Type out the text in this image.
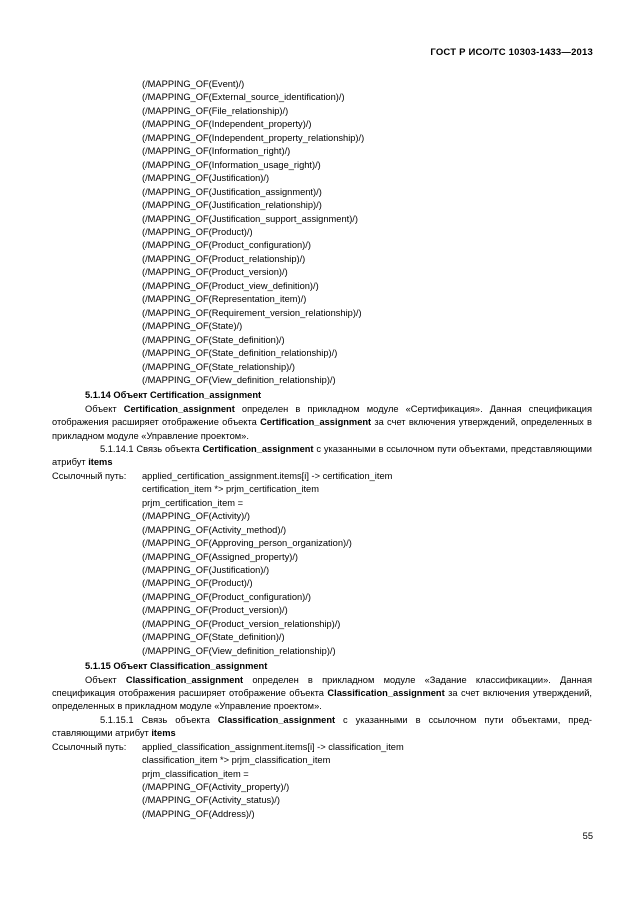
ГОСТ Р ИСО/ТС 10303-1433—2013
(/MAPPING_OF(Event)/)
(/MAPPING_OF(External_source_identification)/)
(/MAPPING_OF(File_relationship)/)
(/MAPPING_OF(Independent_property)/)
(/MAPPING_OF(Independent_property_relationship)/)
(/MAPPING_OF(Information_right)/)
(/MAPPING_OF(Information_usage_right)/)
(/MAPPING_OF(Justification)/)
(/MAPPING_OF(Justification_assignment)/)
(/MAPPING_OF(Justification_relationship)/)
(/MAPPING_OF(Justification_support_assignment)/)
(/MAPPING_OF(Product)/)
(/MAPPING_OF(Product_configuration)/)
(/MAPPING_OF(Product_relationship)/)
(/MAPPING_OF(Product_version)/)
(/MAPPING_OF(Product_view_definition)/)
(/MAPPING_OF(Representation_item)/)
(/MAPPING_OF(Requirement_version_relationship)/)
(/MAPPING_OF(State)/)
(/MAPPING_OF(State_definition)/)
(/MAPPING_OF(State_definition_relationship)/)
(/MAPPING_OF(State_relationship)/)
(/MAPPING_OF(View_definition_relationship)/)
5.1.14 Объект Certification_assignment
Объект Certification_assignment определен в прикладном модуле «Сертификация». Данная спецификация отображения расширяет отображение объекта Certification_assignment за счет включения утверждений, определенных в прикладном модуле «Управление проектом».
5.1.14.1 Связь объекта Certification_assignment с указанными в ссылочном пути объектами, представляющими атрибут items
Ссылочный путь: applied_certification_assignment.items[i] -> certification_item
certification_item *> prjm_certification_item
prjm_certification_item =
(/MAPPING_OF(Activity)/)
(/MAPPING_OF(Activity_method)/)
(/MAPPING_OF(Approving_person_organization)/)
(/MAPPING_OF(Assigned_property)/)
(/MAPPING_OF(Justification)/)
(/MAPPING_OF(Product)/)
(/MAPPING_OF(Product_configuration)/)
(/MAPPING_OF(Product_version)/)
(/MAPPING_OF(Product_version_relationship)/)
(/MAPPING_OF(State_definition)/)
(/MAPPING_OF(View_definition_relationship)/)
5.1.15 Объект Classification_assignment
Объект Classification_assignment определен в прикладном модуле «Задание классификации». Данная спецификация отображения расширяет отображение объекта Classification_assignment за счет включения утверждений, определенных в прикладном модуле «Управление проектом».
5.1.15.1 Связь объекта Classification_assignment с указанными в ссылочном пути объектами, представляющими атрибут items
Ссылочный путь: applied_classification_assignment.items[i] -> classification_item
classification_item *> prjm_classification_item
prjm_classification_item =
(/MAPPING_OF(Activity_property)/)
(/MAPPING_OF(Activity_status)/)
(/MAPPING_OF(Address)/)
55
